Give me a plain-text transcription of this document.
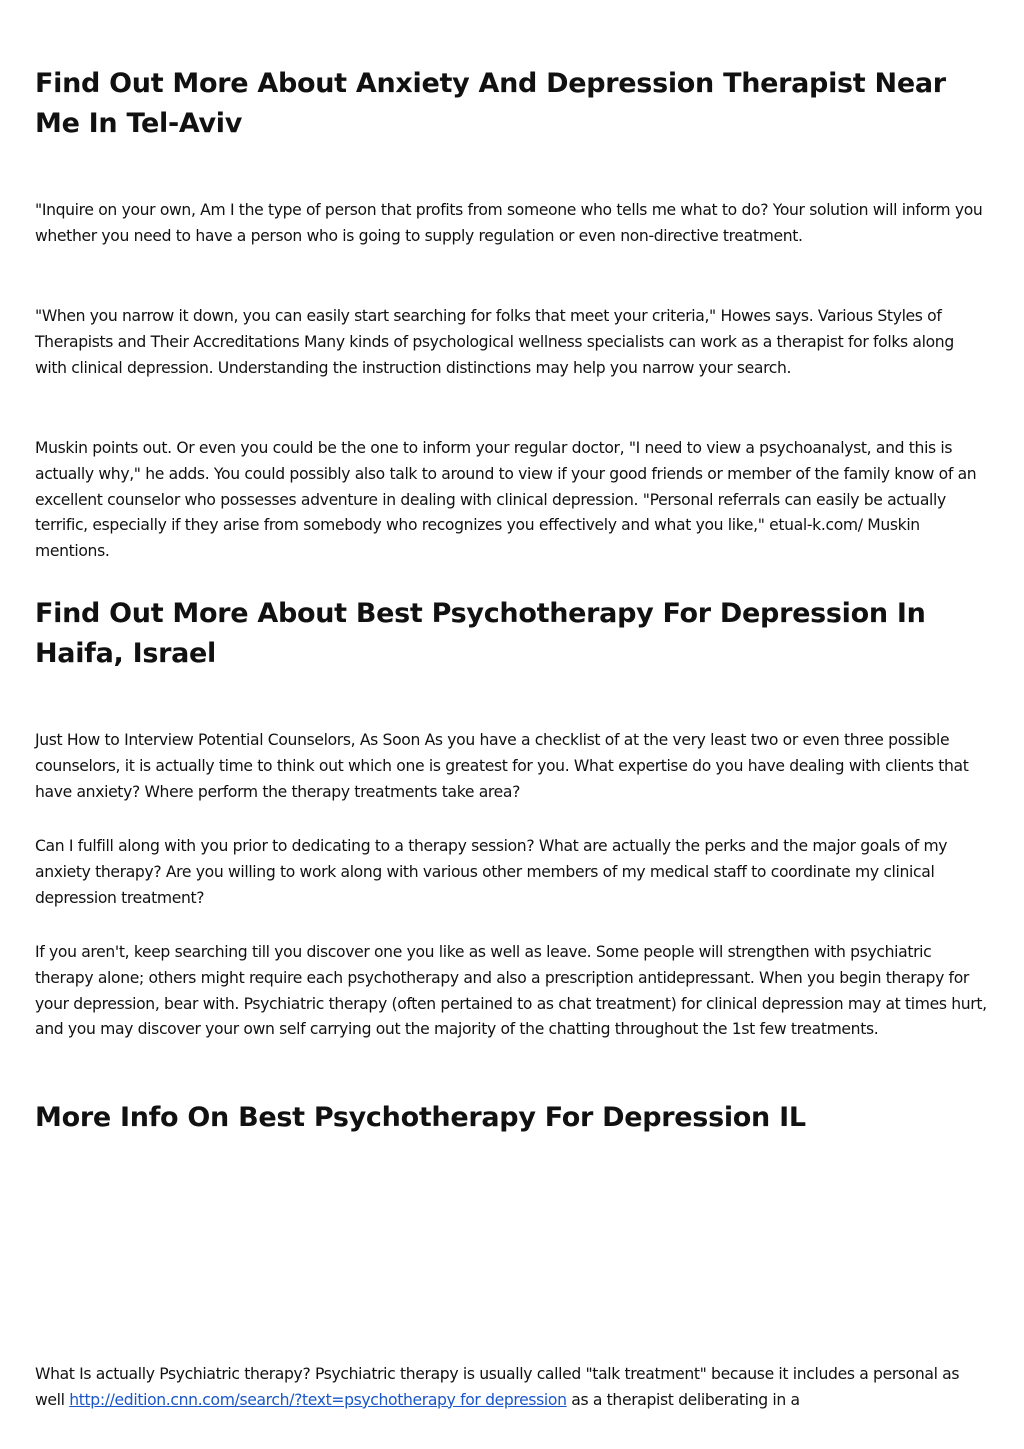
Find Out More About Anxiety And Depression Therapist Near Me In Tel-Aviv

"Inquire on your own, Am I the type of person that profits from someone who tells me what to do? Your solution will inform you whether you need to have a person who is going to supply regulation or even non-directive treatment.

"When you narrow it down, you can easily start searching for folks that meet your criteria," Howes says. Various Styles of Therapists and Their Accreditations Many kinds of psychological wellness specialists can work as a therapist for folks along with clinical depression. Understanding the instruction distinctions may help you narrow your search.

Muskin points out. Or even you could be the one to inform your regular doctor, "I need to view a psychoanalyst, and this is actually why," he adds. You could possibly also talk to around to view if your good friends or member of the family know of an excellent counselor who possesses adventure in dealing with clinical depression. "Personal referrals can easily be actually terrific, especially if they arise from somebody who recognizes you effectively and what you like," etual-k.com/ Muskin mentions.

Find Out More About Best Psychotherapy For Depression In Haifa, Israel

Just How to Interview Potential Counselors, As Soon As you have a checklist of at the very least two or even three possible counselors, it is actually time to think out which one is greatest for you. What expertise do you have dealing with clients that have anxiety? Where perform the therapy treatments take area?

Can I fulfill along with you prior to dedicating to a therapy session? What are actually the perks and the major goals of my anxiety therapy? Are you willing to work along with various other members of my medical staff to coordinate my clinical depression treatment?

If you aren't, keep searching till you discover one you like as well as leave. Some people will strengthen with psychiatric therapy alone; others might require each psychotherapy and also a prescription antidepressant. When you begin therapy for your depression, bear with. Psychiatric therapy (often pertained to as chat treatment) for clinical depression may at times hurt, and you may discover your own self carrying out the majority of the chatting throughout the 1st few treatments.

More Info On Best Psychotherapy For Depression IL

What Is actually Psychiatric therapy? Psychiatric therapy is usually called "talk treatment" because it includes a personal as well http://edition.cnn.com/search/?text=psychotherapy for depression as a therapist deliberating in a
